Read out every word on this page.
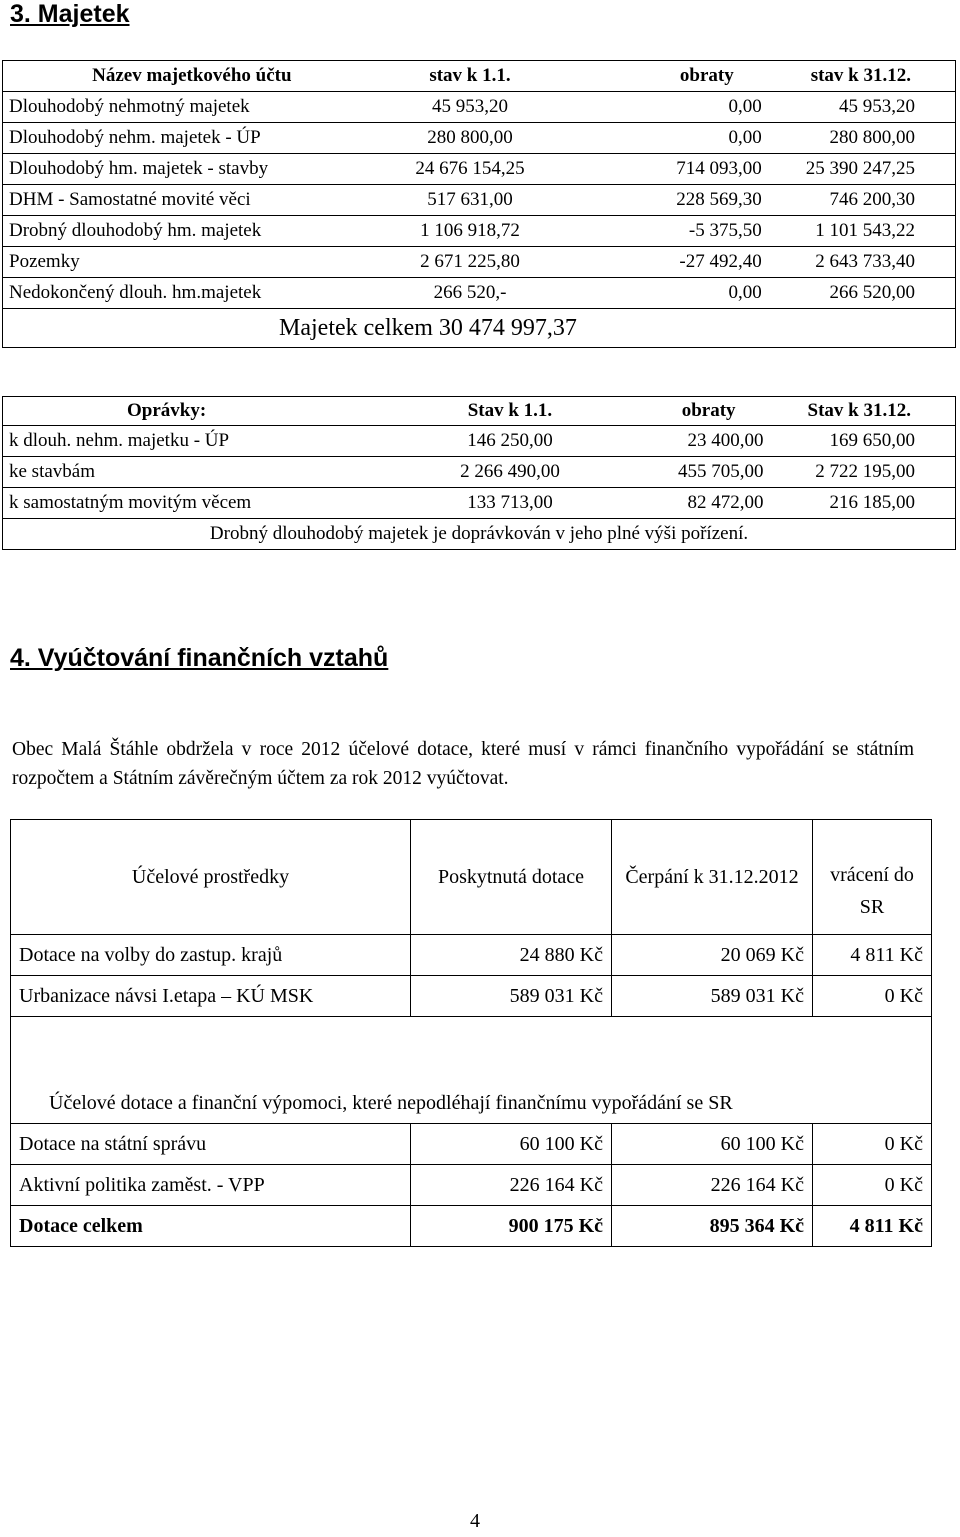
3. Majetek
Název majetkového účtu	stav k 1.1.	obraty	stav k 31.12.
Dlouhodobý nehmotný majetek	45 953,20	0,00	45 953,20
Dlouhodobý nehm. majetek - ÚP	280 800,00	0,00	280 800,00
Dlouhodobý hm. majetek - stavby	24 676 154,25	714 093,00	25 390 247,25
DHM - Samostatné movité věci	517 631,00	228 569,30	746 200,30
Drobný dlouhodobý hm. majetek	1 106 918,72	-5 375,50	1 101 543,22
Pozemky	2 671 225,80	-27 492,40	2 643 733,40
Nedokončený dlouh. hm.majetek	266 520,-	0,00	266 520,00
Majetek celkem 30 474 997,37			
Oprávky:	Stav k 1.1.	obraty	Stav k 31.12.
k dlouh. nehm. majetku - ÚP	146 250,00	23 400,00	169 650,00
ke stavbám	2 266 490,00	455 705,00	2 722 195,00
k samostatným movitým věcem	133 713,00	82 472,00	216 185,00
Drobný dlouhodobý majetek je doprávkován v jeho plné výši pořízení.			
4. Vyúčtování finančních vztahů
Obec Malá Štáhle obdržela v roce 2012 účelové dotace, které musí v rámci finančního vypořádání se státním rozpočtem a Státním závěrečným účtem za rok 2012 vyúčtovat.
Účelové prostředky	Poskytnutá dotace	Čerpání k 31.12.2012	vrácení do SR
Dotace na volby do zastup. krajů	24 880 Kč	20 069 Kč	4 811 Kč
Urbanizace návsi I.etapa – KÚ MSK	589 031 Kč	589 031 Kč	0 Kč

Účelové dotace a finanční výpomoci, které nepodléhají finančnímu vypořádání se SR			
Dotace na státní správu	60 100 Kč	60 100 Kč	0 Kč
Aktivní politika zaměst. - VPP	226 164 Kč	226 164 Kč	0 Kč
Dotace celkem	900 175 Kč	895 364 Kč	4 811 Kč
4
